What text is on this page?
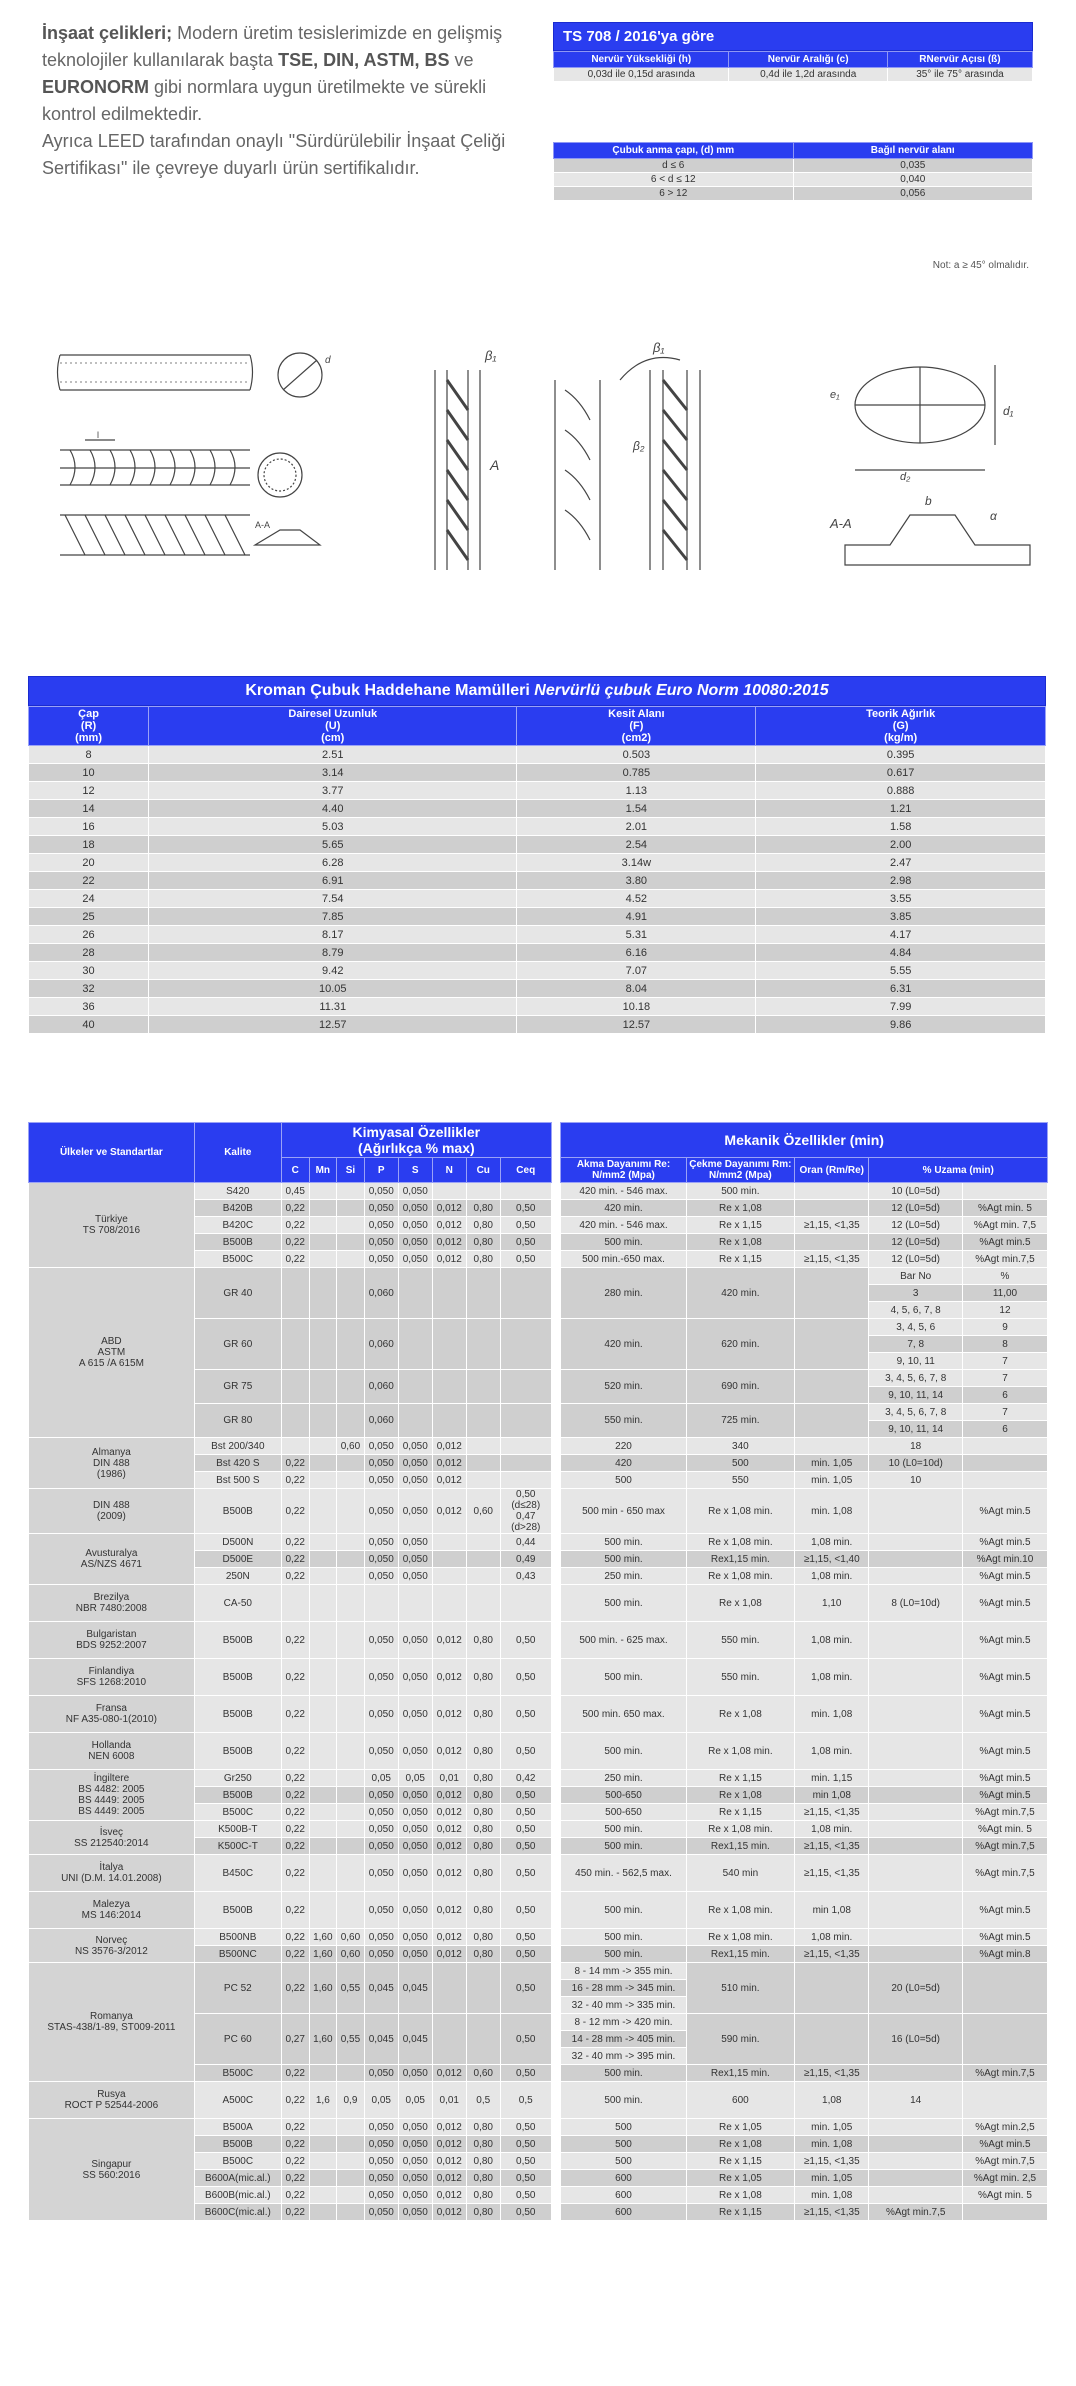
İnşaat çelikleri; Modern üretim tesislerimizde en gelişmiş teknolojiler kullanılarak başta TSE, DIN, ASTM, BS ve EURONORM gibi normlara uygun üretilmekte ve sürekli kontrol edilmektedir.
Ayrıca LEED tarafından onaylı "Sürdürülebilir İnşaat Çeliği Sertifikası" ile çevreye duyarlı ürün sertifikalıdır.
TS 708 / 2016'ya göre
Nervür Yüksekliği (h)	Nervür Aralığı (c)	RNervür Açısı (ß)
0,03d ile 0,15d arasında	0,4d ile 1,2d arasında	35° ile 75° arasında
Çubuk anma çapı, (d) mm	Bağıl nervür alanı
d ≤ 6	0,035
6 < d ≤ 12	0,040
6 > 12	0,056
Not: a ≥ 45° olmalıdır.
d
l
A-A
A
β₁
β₁
β₂
d₁
e₁
d₂
A-A
b
α
Kroman Çubuk Haddehane Mamülleri Nervürlü çubuk Euro Norm 10080:2015
Çap
(R)
(mm)	Dairesel Uzunluk
(U)
(cm)	Kesit Alanı
(F)
(cm2)	Teorik Ağırlık
(G)
(kg/m)
8	2.51	0.503	0.395
10	3.14	0.785	0.617
12	3.77	1.13	0.888
14	4.40	1.54	1.21
16	5.03	2.01	1.58
18	5.65	2.54	2.00
20	6.28	3.14w	2.47
22	6.91	3.80	2.98
24	7.54	4.52	3.55
25	7.85	4.91	3.85
26	8.17	5.31	4.17
28	8.79	6.16	4.84
30	9.42	7.07	5.55
32	10.05	8.04	6.31
36	11.31	10.18	7.99
40	12.57	12.57	9.86
Ülkeler ve Standartlar	Kalite	Kimyasal Özellikler
(Ağırlıkça % max)									Mekanik Özellikler (min)				
		C	Mn	Si	P	S	N	Cu	Ceq		Akma Dayanımı Re: N/mm2 (Mpa)	Çekme Dayanımı Rm: N/mm2 (Mpa)	Oran (Rm/Re)	% Uzama (min)	
Türkiye
TS 708/2016	S420	0,45			0,050	0,050					420 min. - 546 max.	500 min.		10 (L0=5d)	
	B420B	0,22			0,050	0,050	0,012	0,80	0,50		420 min.	Re x 1,08		12 (L0=5d)	%Agt min. 5
	B420C	0,22			0,050	0,050	0,012	0,80	0,50		420 min. - 546 max.	Re x 1,15	≥1,15, <1,35	12 (L0=5d)	%Agt min. 7,5
	B500B	0,22			0,050	0,050	0,012	0,80	0,50		500 min.	Re x 1,08		12 (L0=5d)	%Agt min.5
	B500C	0,22			0,050	0,050	0,012	0,80	0,50		500 min.-650 max.	Re x 1,15	≥1,15, <1,35	12 (L0=5d)	%Agt min.7,5
ABD
ASTM
A 615 /A 615M	GR 40				0,060						280 min.	420 min.		Bar No	%
														3	11,00
														4, 5, 6, 7, 8	12
	GR 60				0,060						420 min.	620 min.		3, 4, 5, 6	9
														7, 8	8
														9, 10, 11	7
	GR 75				0,060						520 min.	690 min.		3, 4, 5, 6, 7, 8	7
														9, 10, 11, 14	6
	GR 80				0,060						550 min.	725 min.		3, 4, 5, 6, 7, 8	7
														9, 10, 11, 14	6
Almanya
DIN 488
(1986)	Bst 200/340			0,60	0,050	0,050	0,012				220	340		18	
	Bst 420 S	0,22			0,050	0,050	0,012				420	500	min. 1,05	10 (L0=10d)	
	Bst 500 S	0,22			0,050	0,050	0,012				500	550	min. 1,05	10	
DIN 488
(2009)	B500B	0,22			0,050	0,050	0,012	0,60	0,50 (d≤28)
0,47 (d>28)		500 min - 650 max	Re x 1,08 min.	min. 1,08		%Agt min.5
Avusturalya
AS/NZS 4671	D500N	0,22			0,050	0,050			0,44		500 min.	Re x 1,08 min.	1,08 min.		%Agt min.5
	D500E	0,22			0,050	0,050			0,49		500 min.	Rex1,15 min.	≥1,15, <1,40		%Agt min.10
	250N	0,22			0,050	0,050			0,43		250 min.	Re x 1,08 min.	1,08 min.		%Agt min.5
Brezilya
NBR 7480:2008	CA-50										500 min.	Re x 1,08	1,10	8 (L0=10d)	%Agt min.5
Bulgaristan
BDS 9252:2007	B500B	0,22			0,050	0,050	0,012	0,80	0,50		500 min. - 625 max.	550 min.	1,08 min.		%Agt min.5
Finlandiya
SFS 1268:2010	B500B	0,22			0,050	0,050	0,012	0,80	0,50		500 min.	550 min.	1,08 min.		%Agt min.5
Fransa
NF A35-080-1(2010)	B500B	0,22			0,050	0,050	0,012	0,80	0,50		500 min. 650 max.	Re x 1,08	min. 1,08		%Agt min.5
Hollanda
NEN 6008	B500B	0,22			0,050	0,050	0,012	0,80	0,50		500 min.	Re x 1,08 min.	1,08 min.		%Agt min.5
İngiltere
BS 4482: 2005
BS 4449: 2005
BS 4449: 2005	Gr250	0,22			0,05	0,05	0,01	0,80	0,42		250 min.	Re x 1,15	min. 1,15		%Agt min.5
	B500B	0,22			0,050	0,050	0,012	0,80	0,50		500-650	Re x 1,08	min 1,08		%Agt min.5
	B500C	0,22			0,050	0,050	0,012	0,80	0,50		500-650	Re x 1,15	≥1,15, <1,35		%Agt min.7,5
İsveç
SS 212540:2014	K500B-T	0,22			0,050	0,050	0,012	0,80	0,50		500 min.	Re x 1,08 min.	1,08 min.		%Agt min. 5
	K500C-T	0,22			0,050	0,050	0,012	0,80	0,50		500 min.	Rex1,15 min.	≥1,15, <1,35		%Agt min.7,5
İtalya
UNI (D.M. 14.01.2008)	B450C	0,22			0,050	0,050	0,012	0,80	0,50		450 min. - 562,5 max.	540 min	≥1,15, <1,35		%Agt min.7,5
Malezya
MS 146:2014	B500B	0,22			0,050	0,050	0,012	0,80	0,50		500 min.	Re x 1,08 min.	min 1,08		%Agt min.5
Norveç
NS 3576-3/2012	B500NB	0,22	1,60	0,60	0,050	0,050	0,012	0,80	0,50		500 min.	Re x 1,08 min.	1,08 min.		%Agt min.5
	B500NC	0,22	1,60	0,60	0,050	0,050	0,012	0,80	0,50		500 min.	Rex1,15 min.	≥1,15, <1,35		%Agt min.8
Romanya
STAS-438/1-89, ST009-2011	PC 52	0,22	1,60	0,55	0,045	0,045			0,50		8 - 14 mm -> 355 min.	510 min.		20 (L0=5d)	
											16 - 28 mm -> 345 min.				
											32 - 40 mm -> 335 min.				
	PC 60	0,27	1,60	0,55	0,045	0,045			0,50		8 - 12 mm -> 420 min.	590 min.		16 (L0=5d)	
											14 - 28 mm -> 405 min.				
											32 - 40 mm -> 395 min.				
	B500C	0,22			0,050	0,050	0,012	0,60	0,50		500 min.	Rex1,15 min.	≥1,15, <1,35		%Agt min.7,5
Rusya
ROCT P 52544-2006	A500C	0,22	1,6	0,9	0,05	0,05	0,01	0,5	0,5		500 min.	600	1,08	14	
Singapur
SS 560:2016	B500A	0,22			0,050	0,050	0,012	0,80	0,50		500	Re x 1,05	min. 1,05		%Agt min.2,5
	B500B	0,22			0,050	0,050	0,012	0,80	0,50		500	Re x 1,08	min. 1,08		%Agt min.5
	B500C	0,22			0,050	0,050	0,012	0,80	0,50		500	Re x 1,15	≥1,15, <1,35		%Agt min.7,5
	B600A(mic.al.)	0,22			0,050	0,050	0,012	0,80	0,50		600	Re x 1,05	min. 1,05		%Agt min. 2,5
	B600B(mic.al.)	0,22			0,050	0,050	0,012	0,80	0,50		600	Re x 1,08	min. 1,08		%Agt min. 5
	B600C(mic.al.)	0,22			0,050	0,050	0,012	0,80	0,50		600	Re x 1,15	≥1,15, <1,35	%Agt min.7,5	
